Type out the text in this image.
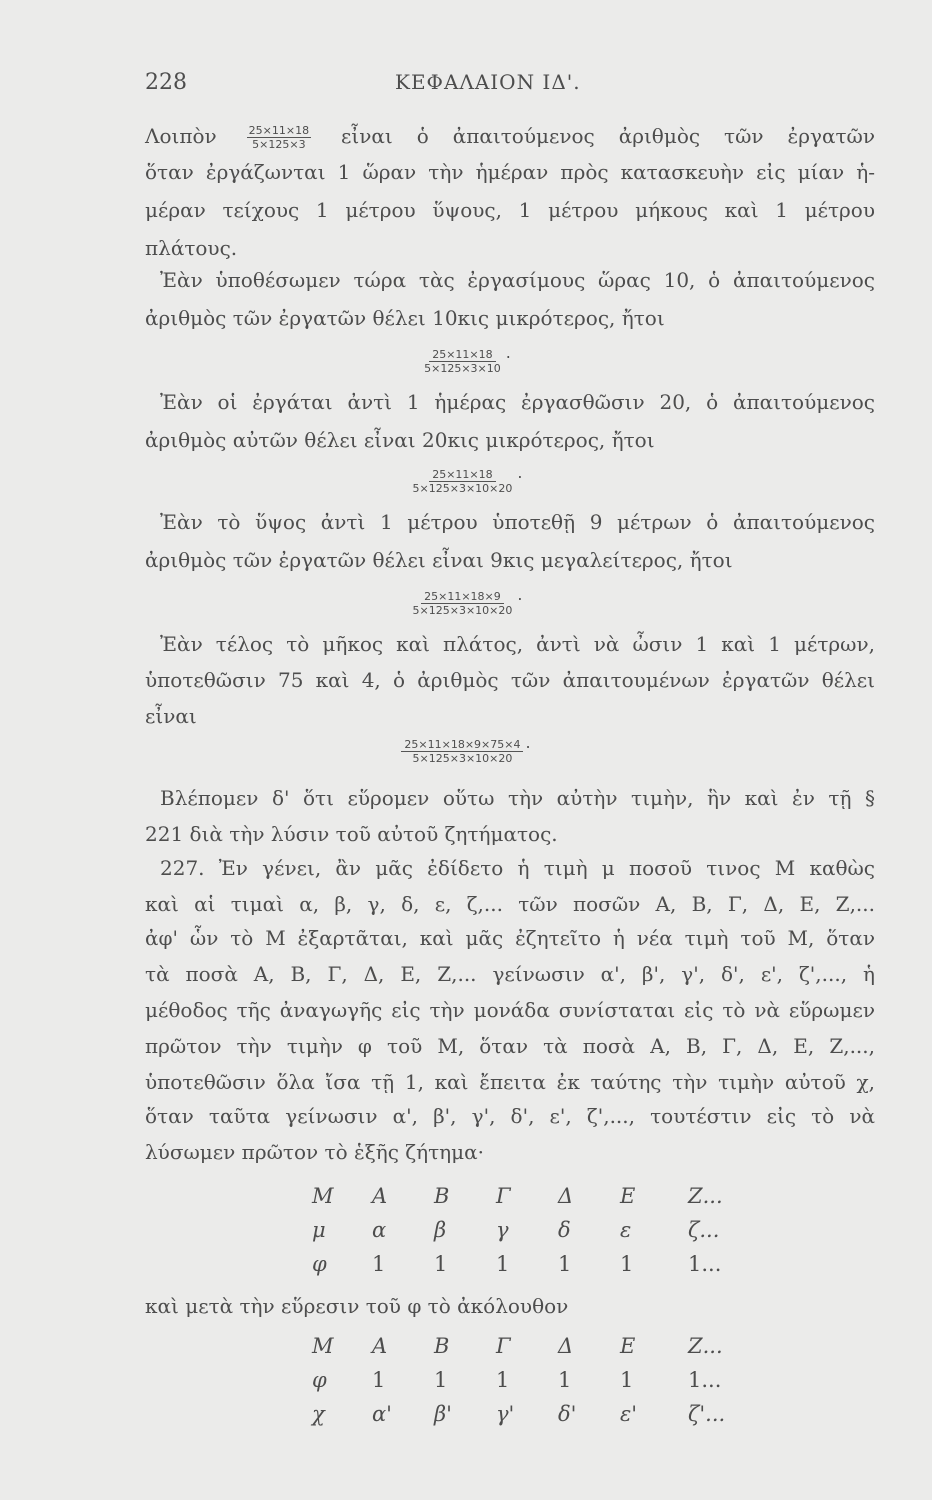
228	ΚΕΦΑΛΑΙΟΝ ΙΔ'.
Λοιπὸν	$\frac{25\times 11\times 18}{5\times 125\times 3}$ εἶναι ὁ ἀπαιτούμενος ἀριθμὸς τῶν ἐργατῶν
ὅταν ἐργάζωνται 1 ὥραν τὴν ἡμέραν πρὸς κατασκευὴν εἰς μίαν ἡ-
μέραν τείχους 1 μέτρου ὕψους, 1 μέτρου μήκους καὶ 1 μέτρου
πλάτους.
Ἐὰν ὑποθέσωμεν τώρα τὰς ἐργασίμους ὥρας 10, ὁ ἀπαιτούμενος
ἀριθμὸς τῶν ἐργατῶν θέλει 10κις μικρότερος, ἤτοι
$\frac{25\times 11\times 18}{5\times 125\times 3\times 10}$ .
Ἐὰν οἱ ἐργάται ἀντὶ 1 ἡμέρας ἐργασθῶσιν 20, ὁ ἀπαιτούμενος
ἀριθμὸς αὐτῶν θέλει εἶναι 20κις μικρότερος, ἤτοι
$\frac{25\times 11\times 18}{5\times 125\times 3\times 10\times 20}$ .
Ἐὰν τὸ ὕψος ἀντὶ 1 μέτρου ὑποτεθῇ 9 μέτρων ὁ ἀπαιτούμενος
ἀριθμὸς τῶν ἐργατῶν θέλει εἶναι 9κις μεγαλείτερος, ἤτοι
$\frac{25\times 11\times 18\times 9}{5\times 125\times 3\times 10\times 20}$ .
Ἐὰν τέλος τὸ μῆκος καὶ πλάτος, ἀντὶ νὰ ὦσιν 1 καὶ 1 μέτρων,
ὑποτεθῶσιν 75 καὶ 4, ὁ ἀριθμὸς τῶν ἀπαιτουμένων ἐργατῶν θέλει
εἶναι
$\frac{25\times 11\times 18\times 9\times 75\times 4}{5\times 125\times 3\times 10\times 20}$ .
Βλέπομεν δ' ὅτι εὕρομεν οὕτω τὴν αὐτὴν τιμὴν, ἣν καὶ ἐν τῇ §
221 διὰ τὴν λύσιν τοῦ αὐτοῦ ζητήματος.
227. Ἐν γένει, ἂν μᾶς ἐδίδετο ἡ τιμὴ μ ποσοῦ τινος Μ καθὼς
καὶ αἱ τιμαὶ α, β, γ, δ, ε, ζ,... τῶν ποσῶν Α, Β, Γ, Δ, Ε, Ζ,...
ἀφ' ὧν τὸ Μ ἐξαρτᾶται, καὶ μᾶς ἐζητεῖτο ἡ νέα τιμὴ τοῦ Μ, ὅταν
τὰ ποσὰ Α, Β, Γ, Δ, Ε, Ζ,... γείνωσιν α', β', γ', δ', ε', ζ',..., ἡ
μέθοδος τῆς ἀναγωγῆς εἰς τὴν μονάδα συνίσταται εἰς τὸ νὰ εὕρωμεν
πρῶτον τὴν τιμὴν φ τοῦ Μ, ὅταν τὰ ποσὰ Α, Β, Γ, Δ, Ε, Ζ,...,
ὑποτεθῶσιν ὅλα ἴσα τῇ 1, καὶ ἔπειτα ἐκ ταύτης τὴν τιμὴν αὐτοῦ χ,
ὅταν ταῦτα γείνωσιν α', β', γ', δ', ε', ζ',..., τουτέστιν εἰς τὸ νὰ
λύσωμεν πρῶτον τὸ ἑξῆς ζήτημα·
Μ Α Β Γ Δ Ε	Ζ...
μ α β γ δ ε	ζ...
φ 1 1 1 1 1	1...
καὶ μετὰ τὴν εὕρεσιν τοῦ φ τὸ ἀκόλουθον
Μ Α Β Γ Δ Ε	Ζ...
φ 1 1 1 1 1	1...
χ α' β' γ' δ' ε' ζ'...
